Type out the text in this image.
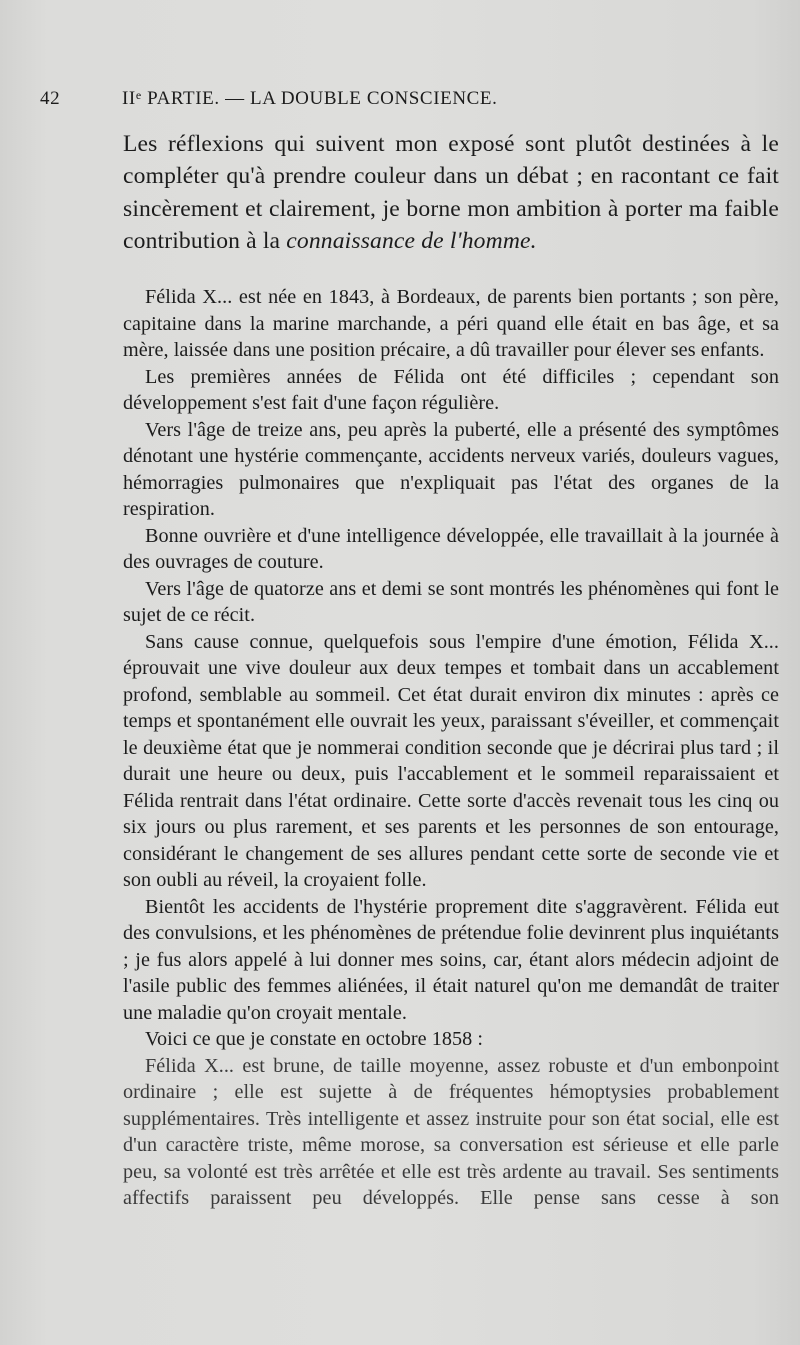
42	IIe PARTIE. — LA DOUBLE CONSCIENCE.

Les réflexions qui suivent mon exposé sont plutôt destinées à le compléter qu'à prendre couleur dans un débat ; en racontant ce fait sincèrement et clairement, je borne mon ambition à porter ma faible contribution à la connaissance de l'homme.

Félida X... est née en 1843, à Bordeaux, de parents bien portants ; son père, capitaine dans la marine marchande, a péri quand elle était en bas âge, et sa mère, laissée dans une position précaire, a dû travailler pour élever ses enfants.

Les premières années de Félida ont été difficiles ; cependant son développement s'est fait d'une façon régulière.

Vers l'âge de treize ans, peu après la puberté, elle a présenté des symptômes dénotant une hystérie commençante, accidents nerveux variés, douleurs vagues, hémorragies pulmonaires que n'expliquait pas l'état des organes de la respiration.

Bonne ouvrière et d'une intelligence développée, elle travaillait à la journée à des ouvrages de couture.

Vers l'âge de quatorze ans et demi se sont montrés les phénomènes qui font le sujet de ce récit.

Sans cause connue, quelquefois sous l'empire d'une émotion, Félida X... éprouvait une vive douleur aux deux tempes et tombait dans un accablement profond, semblable au sommeil. Cet état durait environ dix minutes : après ce temps et spontanément elle ouvrait les yeux, paraissant s'éveiller, et commençait le deuxième état que je nommerai condition seconde que je décrirai plus tard ; il durait une heure ou deux, puis l'accablement et le sommeil reparaissaient et Félida rentrait dans l'état ordinaire. Cette sorte d'accès revenait tous les cinq ou six jours ou plus rarement, et ses parents et les personnes de son entourage, considérant le changement de ses allures pendant cette sorte de seconde vie et son oubli au réveil, la croyaient folle.

Bientôt les accidents de l'hystérie proprement dite s'aggravèrent. Félida eut des convulsions, et les phénomènes de prétendue folie devinrent plus inquiétants ; je fus alors appelé à lui donner mes soins, car, étant alors médecin adjoint de l'asile public des femmes aliénées, il était naturel qu'on me demandât de traiter une maladie qu'on croyait mentale.

Voici ce que je constate en octobre 1858 :

Félida X... est brune, de taille moyenne, assez robuste et d'un embonpoint ordinaire ; elle est sujette à de fréquentes hémoptysies probablement supplémentaires. Très intelligente et assez instruite pour son état social, elle est d'un caractère triste, même morose, sa conversation est sérieuse et elle parle peu, sa volonté est très arrêtée et elle est très ardente au travail. Ses sentiments affectifs paraissent peu développés. Elle pense sans cesse à son
